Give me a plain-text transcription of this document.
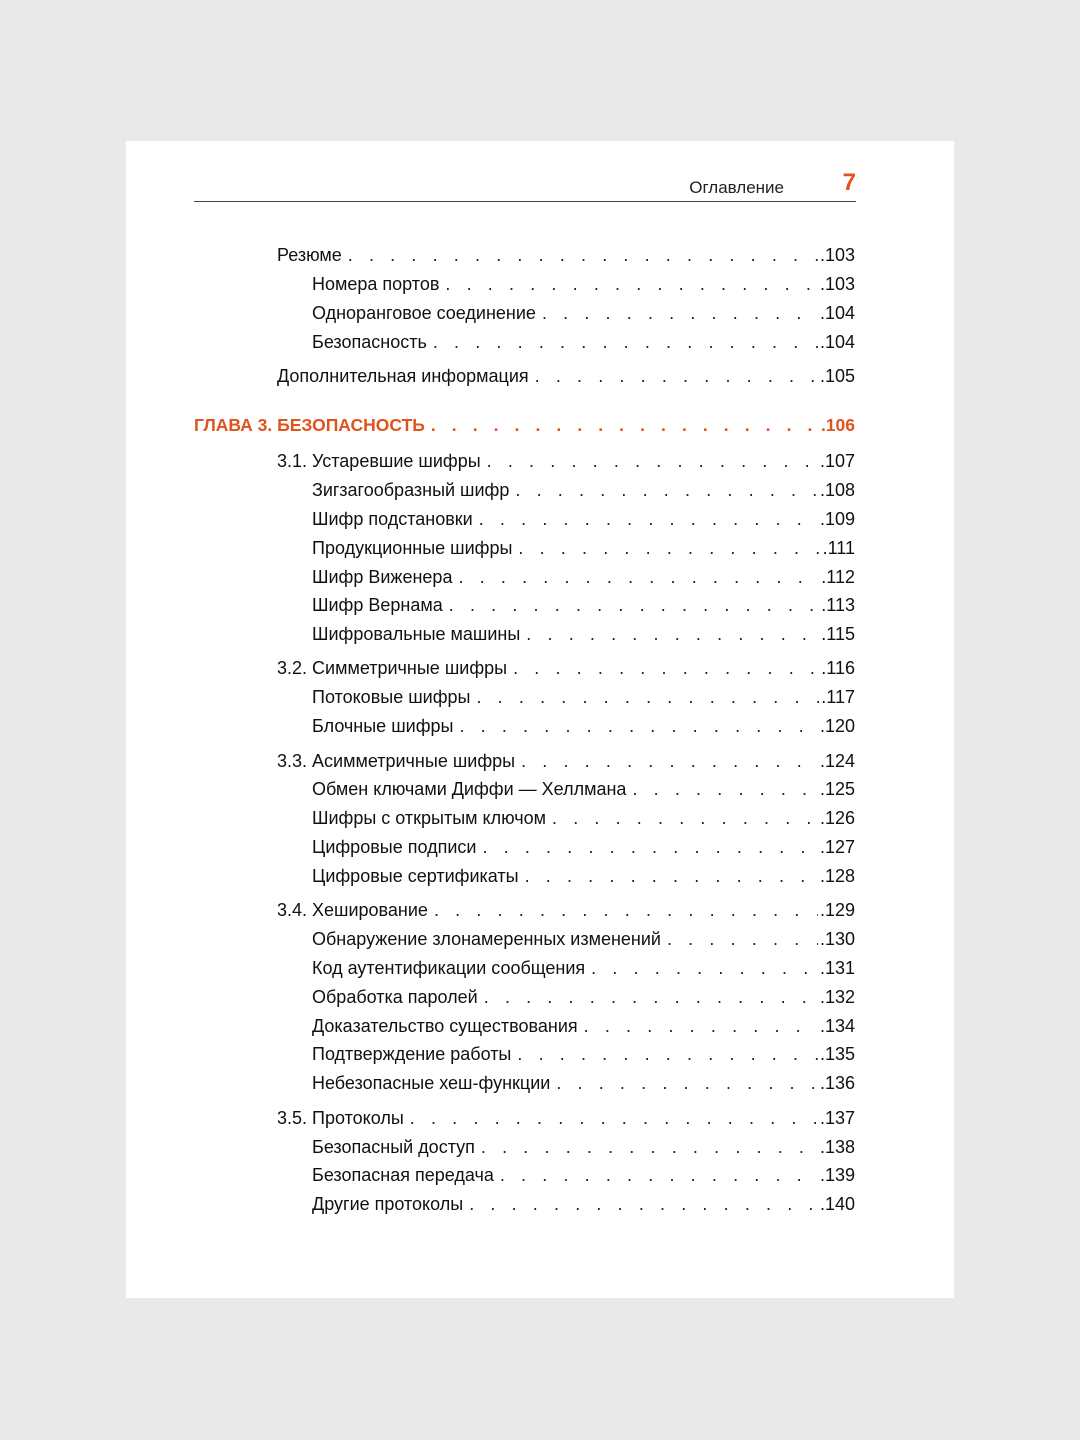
Оглавление 7
Резюме . . .	.103
Номера портов . . .	.103
Одноранговое соединение . . .	.104
Безопасность . . .	.104
Дополнительная информация . . .	.105
ГЛАВА 3. БЕЗОПАСНОСТЬ . . .	.106
3.1. Устаревшие шифры . . .	.107
Зигзагообразный шифр . . .	.108
Шифр подстановки . . .	.109
Продукционные шифры . . .	.111
Шифр Виженера . . .	.112
Шифр Вернама . . .	.113
Шифровальные машины . . .	.115
3.2. Симметричные шифры . . .	.116
Потоковые шифры . . .	.117
Блочные шифры . . .	.120
3.3. Асимметричные шифры . . .	.124
Обмен ключами Диффи — Хеллмана . . .	.125
Шифры с открытым ключом . . .	.126
Цифровые подписи . . .	.127
Цифровые сертификаты . . .	.128
3.4. Хеширование . . .	.129
Обнаружение злонамеренных изменений . . .	.130
Код аутентификации сообщения . . .	.131
Обработка паролей . . .	.132
Доказательство существования . . .	.134
Подтверждение работы . . .	.135
Небезопасные хеш-функции . . .	.136
3.5. Протоколы . . .	.137
Безопасный доступ . . .	.138
Безопасная передача . . .	.139
Другие протоколы . . .	.140
